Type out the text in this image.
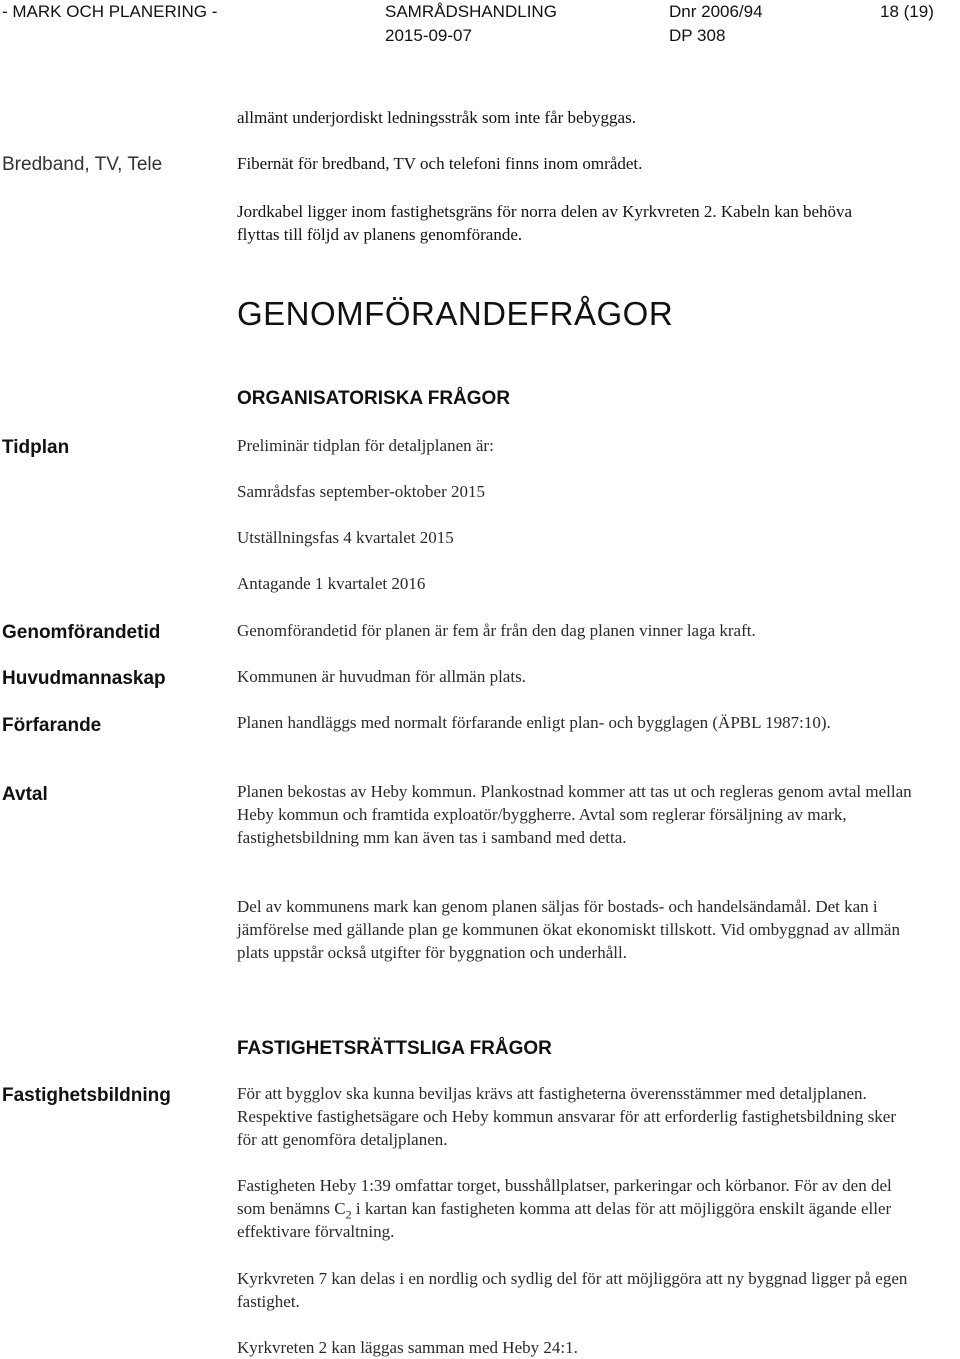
- MARK OCH PLANERING -	SAMRÅDSHANDLING
2015-09-07
Dnr 2006/94
DP 308
18 (19)
allmänt underjordiskt ledningsstråk som inte får bebyggas.
Bredband, TV, Tele	Fibernät för bredband, TV och telefoni finns inom området.
Jordkabel ligger inom fastighetsgräns för norra delen av Kyrkvreten 2. Kabeln kan behöva flyttas till följd av planens genomförande.
GENOMFÖRANDEFRÅGOR
ORGANISATORISKA FRÅGOR
Tidplan	Preliminär tidplan för detaljplanen är:
Samrådsfas september-oktober 2015
Utställningsfas 4 kvartalet 2015
Antagande 1 kvartalet 2016
Genomförandetid	Genomförandetid för planen är fem år från den dag planen vinner laga kraft.
Huvudmannaskap	Kommunen är huvudman för allmän plats.
Förfarande	Planen handläggs med normalt förfarande enligt plan- och bygglagen (ÄPBL 1987:10).
Avtal	Planen bekostas av Heby kommun. Plankostnad kommer att tas ut och regleras genom avtal mellan Heby kommun och framtida exploatör/byggherre. Avtal som reglerar försäljning av mark, fastighetsbildning mm kan även tas i samband med detta.
Del av kommunens mark kan genom planen säljas för bostads- och handelsändamål. Det kan i jämförelse med gällande plan ge kommunen ökat ekonomiskt tillskott. Vid ombyggnad av allmän plats uppstår också utgifter för byggnation och underhåll.
FASTIGHETSRÄTTSLIGA FRÅGOR
Fastighetsbildning	För att bygglov ska kunna beviljas krävs att fastigheterna överensstämmer med detaljplanen. Respektive fastighetsägare och Heby kommun ansvarar för att erforderlig fastighetsbildning sker för att genomföra detaljplanen.
Fastigheten Heby 1:39 omfattar torget, busshållplatser, parkeringar och körbanor. För av den del som benämns $C_2$ i kartan kan fastigheten komma att delas för att möjliggöra enskilt ägande eller effektivare förvaltning.
Kyrkvreten 7 kan delas i en nordlig och sydlig del för att möjliggöra att ny byggnad ligger på egen fastighet.
Kyrkvreten 2 kan läggas samman med Heby 24:1.
